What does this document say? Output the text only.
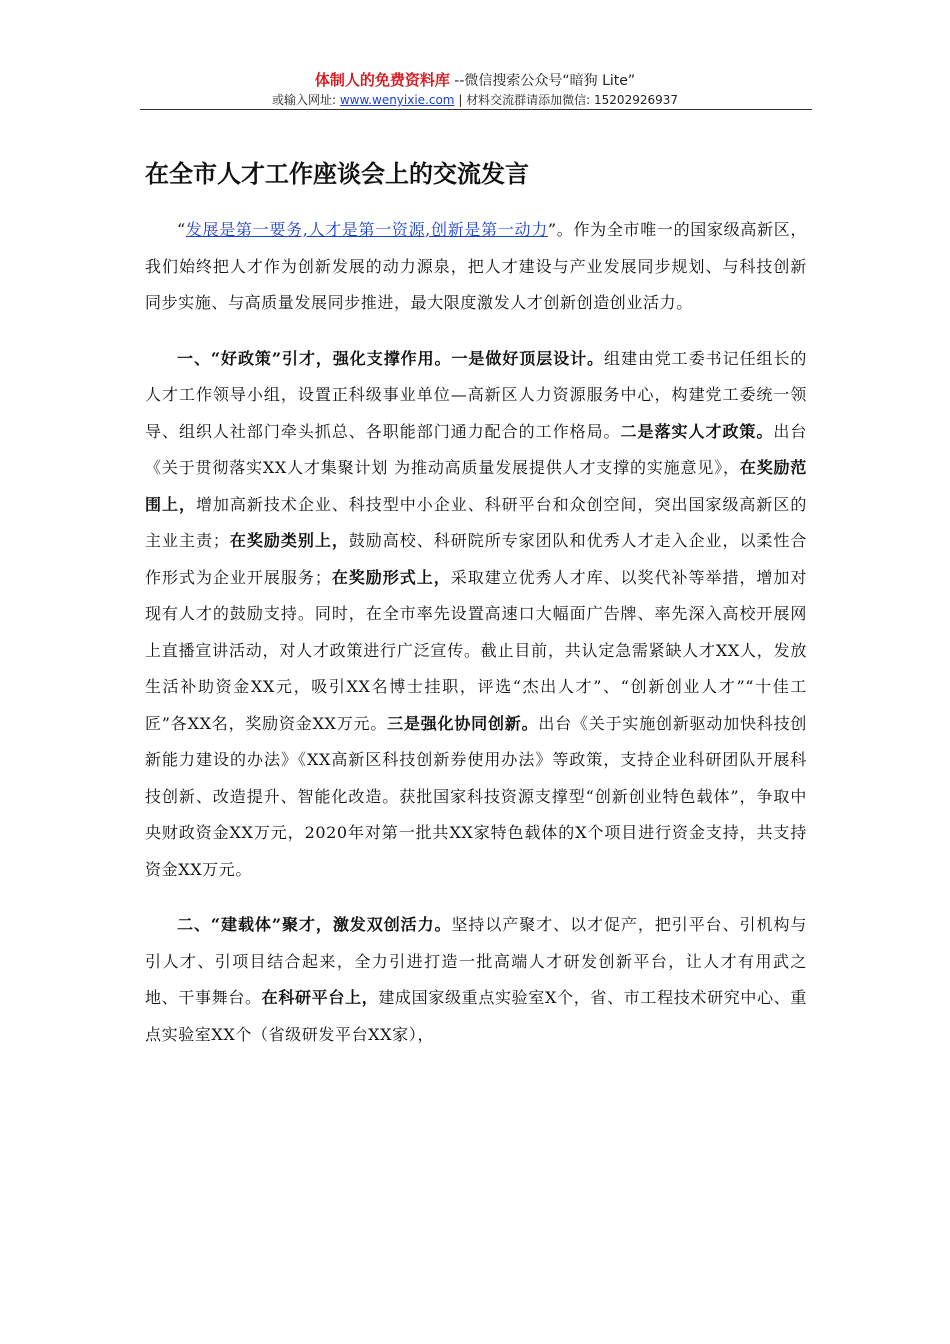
体制人的免费资料库 --微信搜索公众号“暗狗 Lite”
或输入网址: www.wenyixie.com | 材料交流群请添加微信: 15202926937
在全市人才工作座谈会上的交流发言

“发展是第一要务,人才是第一资源,创新是第一动力”。作为全市唯一的国家级高新区，我们始终把人才作为创新发展的动力源泉，把人才建设与产业发展同步规划、与科技创新同步实施、与高质量发展同步推进，最大限度激发人才创新创造创业活力。

一、“好政策”引才，强化支撑作用。一是做好顶层设计。组建由党工委书记任组长的人才工作领导小组，设置正科级事业单位—高新区人力资源服务中心，构建党工委统一领导、组织人社部门牵头抓总、各职能部门通力配合的工作格局。二是落实人才政策。出台《关于贯彻落实XX人才集聚计划 为推动高质量发展提供人才支撑的实施意见》，在奖励范围上，增加高新技术企业、科技型中小企业、科研平台和众创空间，突出国家级高新区的主业主责；在奖励类别上，鼓励高校、科研院所专家团队和优秀人才走入企业，以柔性合作形式为企业开展服务；在奖励形式上，采取建立优秀人才库、以奖代补等举措，增加对现有人才的鼓励支持。同时，在全市率先设置高速口大幅面广告牌、率先深入高校开展网上直播宣讲活动，对人才政策进行广泛宣传。截止目前，共认定急需紧缺人才XX人，发放生活补助资金XX元，吸引XX名博士挂职，评选“杰出人才”、“创新创业人才”“十佳工匠”各XX名，奖励资金XX万元。三是强化协同创新。出台《关于实施创新驱动加快科技创新能力建设的办法》《XX高新区科技创新券使用办法》等政策，支持企业科研团队开展科技创新、改造提升、智能化改造。获批国家科技资源支撑型“创新创业特色载体”，争取中央财政资金XX万元，2020年对第一批共XX家特色载体的X个项目进行资金支持，共支持资金XX万元。

二、“建载体”聚才，激发双创活力。坚持以产聚才、以才促产，把引平台、引机构与引人才、引项目结合起来，全力引进打造一批高端人才研发创新平台，让人才有用武之地、干事舞台。在科研平台上，建成国家级重点实验室X个，省、市工程技术研究中心、重点实验室XX个（省级研发平台XX家），
